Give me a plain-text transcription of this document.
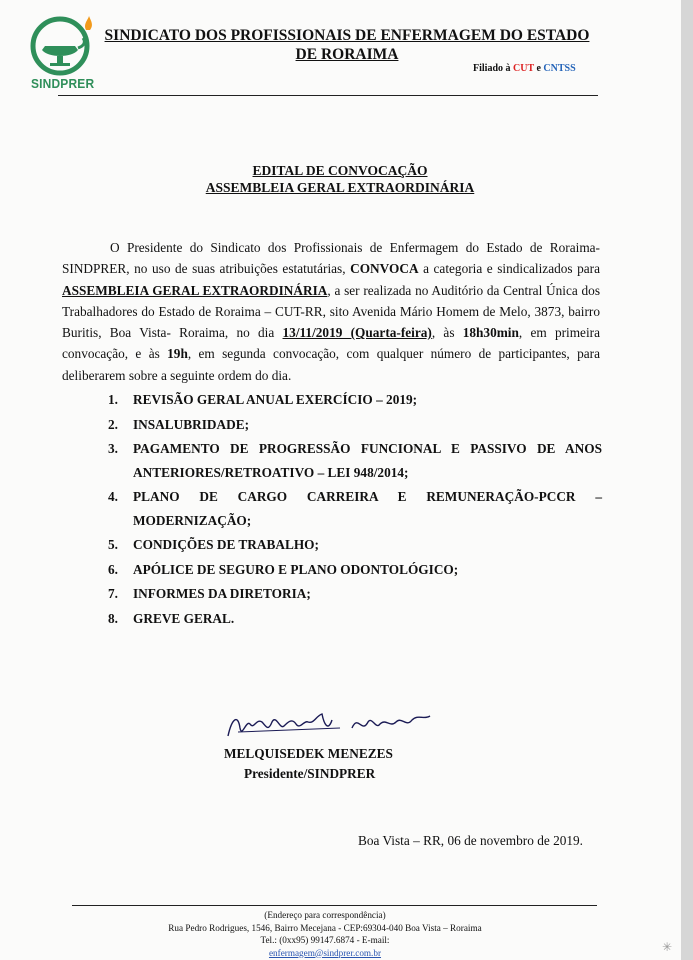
SINDPRER
SINDICATO DOS PROFISSIONAIS DE ENFERMAGEM DO ESTADO
DE RORAIMA
Filiado à CUT e CNTSS
EDITAL DE CONVOCAÇÃO
ASSEMBLEIA GERAL EXTRAORDINÁRIA

O Presidente do Sindicato dos Profissionais de Enfermagem do Estado de Roraima-SINDPRER, no uso de suas atribuições estatutárias, CONVOCA a categoria e sindicalizados para ASSEMBLEIA GERAL EXTRAORDINÁRIA, a ser realizada no Auditório da Central Única dos Trabalhadores do Estado de Roraima – CUT-RR, sito Avenida Mário Homem de Melo, 3873, bairro Buritis, Boa Vista- Roraima, no dia 13/11/2019 (Quarta-feira), às 18h30min, em primeira convocação, e às 19h, em segunda convocação, com qualquer número de participantes, para deliberarem sobre a seguinte ordem do dia.

1. REVISÃO GERAL ANUAL EXERCÍCIO – 2019;
2. INSALUBRIDADE;
3. PAGAMENTO DE PROGRESSÃO FUNCIONAL E PASSIVO DE ANOS ANTERIORES/RETROATIVO – LEI 948/2014;
4. PLANO DE CARGO CARREIRA E REMUNERAÇÃO-PCCR – MODERNIZAÇÃO;
5. CONDIÇÕES DE TRABALHO;
6. APÓLICE DE SEGURO E PLANO ODONTOLÓGICO;
7. INFORMES DA DIRETORIA;
8. GREVE GERAL.
MELQUISEDEK MENEZES
Presidente/SINDPRER
Boa Vista – RR, 06 de novembro de 2019.
(Endereço para correspondência)
Rua Pedro Rodrigues, 1546, Bairro Mecejana - CEP:69304-040 Boa Vista – Roraima
Tel.: (0xx95) 99147.6874 - E-mail:
enfermagem@sindprer.com.br	✳
